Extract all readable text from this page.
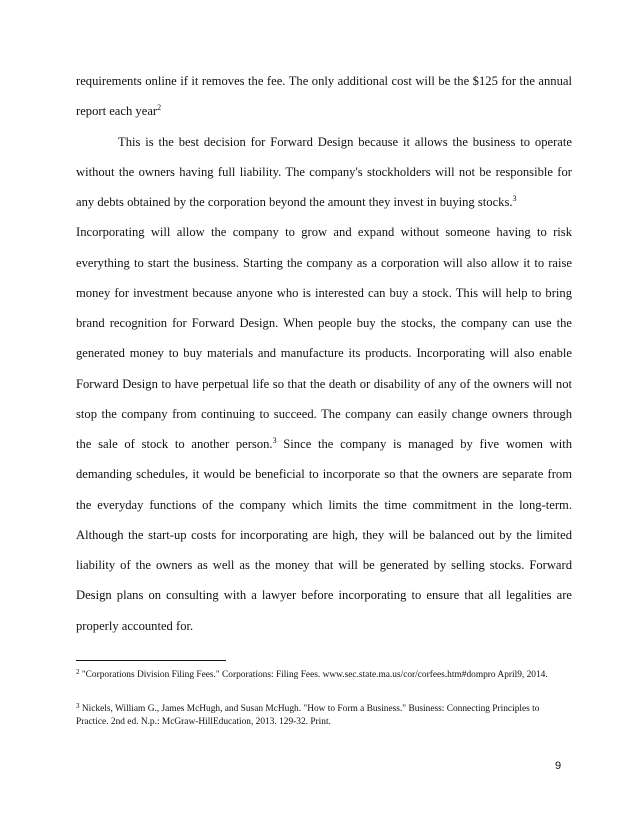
requirements online if it removes the fee. The only additional cost will be the $125 for the annual
report each year$^2$
This is the best decision for Forward Design because it allows the business to operate
without the owners having full liability. The company's stockholders will not be responsible for
any debts obtained by the corporation beyond the amount they invest in buying stocks.$^3$
Incorporating will allow the company to grow and expand without someone having to risk
everything to start the business. Starting the company as a corporation will also allow it to raise
money for investment because anyone who is interested can buy a stock. This will help to bring
brand recognition for Forward Design. When people buy the stocks, the company can use the
generated money to buy materials and manufacture its products. Incorporating will also enable
Forward Design to have perpetual life so that the death or disability of any of the owners will not
stop the company from continuing to succeed. The company can easily change owners through
the sale of stock to another person.$^3$ Since the company is managed by five women with
demanding schedules, it would be beneficial to incorporate so that the owners are separate from
the everyday functions of the company which limits the time commitment in the long-term.
Although the start-up costs for incorporating are high, they will be balanced out by the limited
liability of the owners as well as the money that will be generated by selling stocks. Forward
Design plans on consulting with a lawyer before incorporating to ensure that all legalities are
properly accounted for.
$^2$ "Corporations Division Filing Fees." Corporations: Filing Fees. www.sec.state.ma.us/cor/corfees.htm#dompro April9, 2014.
$^3$ Nickels, William G., James McHugh, and Susan McHugh. "How to Form a Business." Business: Connecting Principles to
Practice. 2nd ed. N.p.: McGraw-HillEducation, 2013. 129-32. Print.
9
